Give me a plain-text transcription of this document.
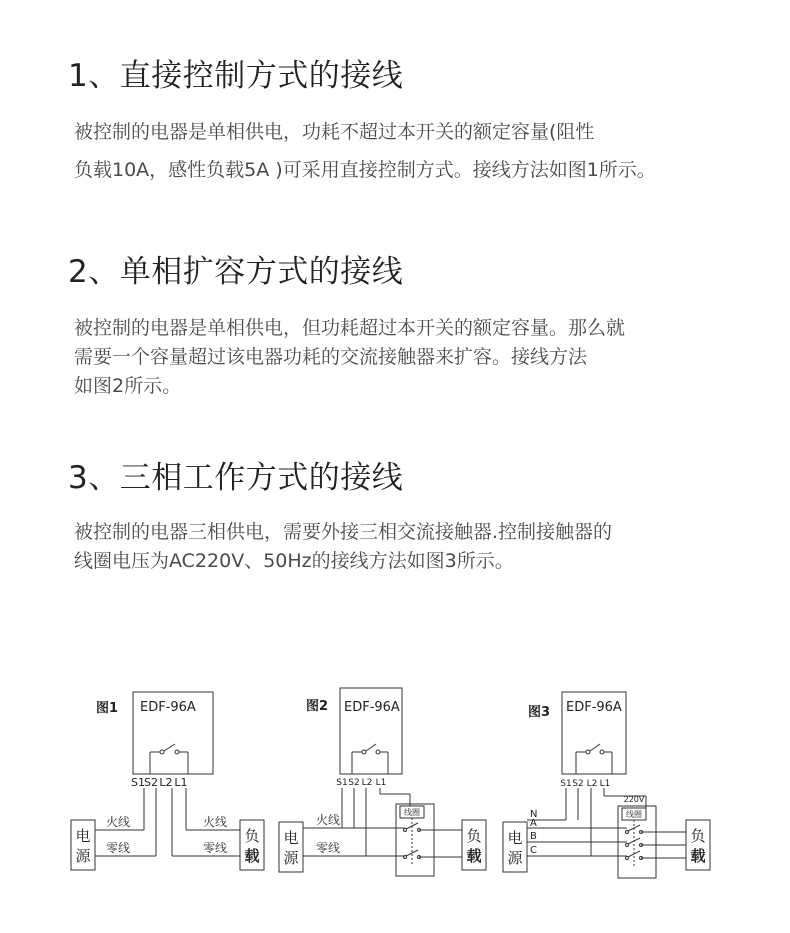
1、直接控制方式的接线
被控制的电器是单相供电，功耗不超过本开关的额定容量(阻性
负载10A，感性负载5A )可采用直接控制方式。接线方法如图1所示。
2、单相扩容方式的接线
被控制的电器是单相供电，但功耗超过本开关的额定容量。那么就
需要一个容量超过该电器功耗的交流接触器来扩容。接线方法
如图2所示。
3、三相工作方式的接线
被控制的电器三相供电，需要外接三相交流接触器.控制接触器的
线圈电压为AC220V、50Hz的接线方法如图3所示。
图1 EDF-96A
S1 S2 L2 L1
电
源
负
载
火线
零线
火线
零线
图2 EDF-96A
S1 S2 L2 L1
线圈
电
源
负
载
火线
零线
图3 EDF-96A
S1 S2 L2 L1
220V
线圈
电
源
负
载
N
A
B
C
